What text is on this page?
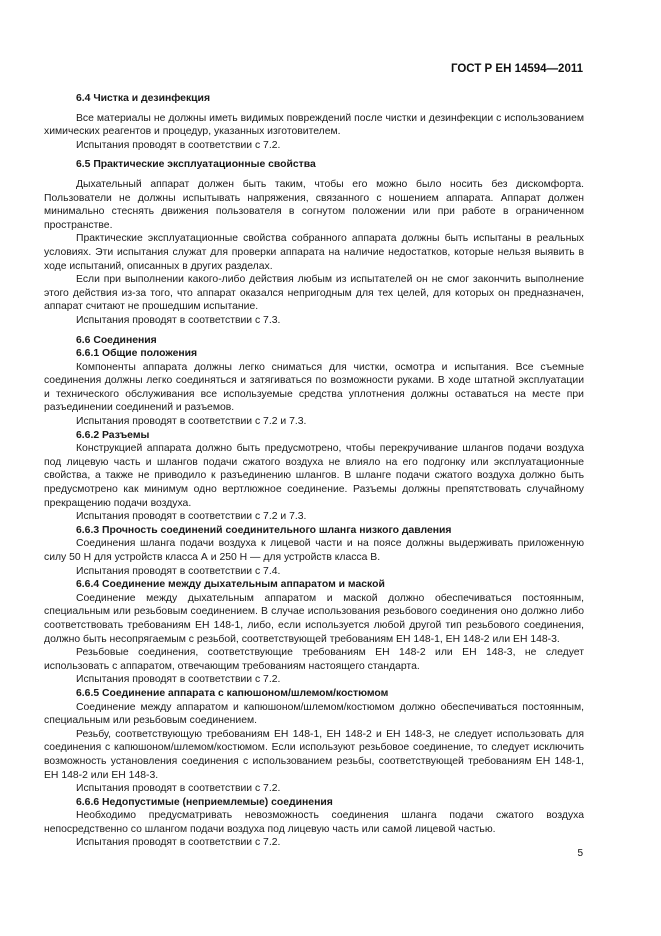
ГОСТ Р ЕН 14594—2011
6.4 Чистка и дезинфекция

Все материалы не должны иметь видимых повреждений после чистки и дезинфекции с использованием химических реагентов и процедур, указанных изготовителем.

Испытания проводят в соответствии с 7.2.

6.5 Практические эксплуатационные свойства

Дыхательный аппарат должен быть таким, чтобы его можно было носить без дискомфорта. Пользователи не должны испытывать напряжения, связанного с ношением аппарата. Аппарат должен минимально стеснять движения пользователя в согнутом положении или при работе в ограниченном пространстве.

Практические эксплуатационные свойства собранного аппарата должны быть испытаны в реальных условиях. Эти испытания служат для проверки аппарата на наличие недостатков, которые нельзя выявить в ходе испытаний, описанных в других разделах.

Если при выполнении какого-либо действия любым из испытателей он не смог закончить выполнение этого действия из-за того, что аппарат оказался непригодным для тех целей, для которых он предназначен, аппарат считают не прошедшим испытание.

Испытания проводят в соответствии с 7.3.

6.6 Соединения
6.6.1 Общие положения

Компоненты аппарата должны легко сниматься для чистки, осмотра и испытания. Все съемные соединения должны легко соединяться и затягиваться по возможности руками. В ходе штатной эксплуатации и технического обслуживания все используемые средства уплотнения должны оставаться на месте при разъединении соединений и разъемов.

Испытания проводят в соответствии с 7.2 и 7.3.

6.6.2 Разъемы

Конструкцией аппарата должно быть предусмотрено, чтобы перекручивание шлангов подачи воздуха под лицевую часть и шлангов подачи сжатого воздуха не влияло на его подгонку или эксплуатационные свойства, а также не приводило к разъединению шлангов. В шланге подачи сжатого воздуха должно быть предусмотрено как минимум одно вертлюжное соединение. Разъемы должны препятствовать случайному прекращению подачи воздуха.

Испытания проводят в соответствии с 7.2 и 7.3.

6.6.3 Прочность соединений соединительного шланга низкого давления

Соединения шланга подачи воздуха к лицевой части и на поясе должны выдерживать приложенную силу 50 Н для устройств класса А и 250 Н — для устройств класса В.

Испытания проводят в соответствии с 7.4.

6.6.4 Соединение между дыхательным аппаратом и маской

Соединение между дыхательным аппаратом и маской должно обеспечиваться постоянным, специальным или резьбовым соединением. В случае использования резьбового соединения оно должно либо соответствовать требованиям ЕН 148-1, либо, если используется любой другой тип резьбового соединения, должно быть несопрягаемым с резьбой, соответствующей требованиям ЕН 148-1, ЕН 148-2 или ЕН 148-3.

Резьбовые соединения, соответствующие требованиям ЕН 148-2 или ЕН 148-3, не следует использовать с аппаратом, отвечающим требованиям настоящего стандарта.

Испытания проводят в соответствии с 7.2.

6.6.5 Соединение аппарата с капюшоном/шлемом/костюмом

Соединение между аппаратом и капюшоном/шлемом/костюмом должно обеспечиваться постоянным, специальным или резьбовым соединением.

Резьбу, соответствующую требованиям ЕН 148-1, ЕН 148-2 и ЕН 148-3, не следует использовать для соединения с капюшоном/шлемом/костюмом. Если используют резьбовое соединение, то следует исключить возможность установления соединения с использованием резьбы, соответствующей требованиям ЕН 148-1, ЕН 148-2 или ЕН 148-3.

Испытания проводят в соответствии с 7.2.

6.6.6 Недопустимые (неприемлемые) соединения

Необходимо предусматривать невозможность соединения шланга подачи сжатого воздуха непосредственно со шлангом подачи воздуха под лицевую часть или самой лицевой частью.

Испытания проводят в соответствии с 7.2.

5
